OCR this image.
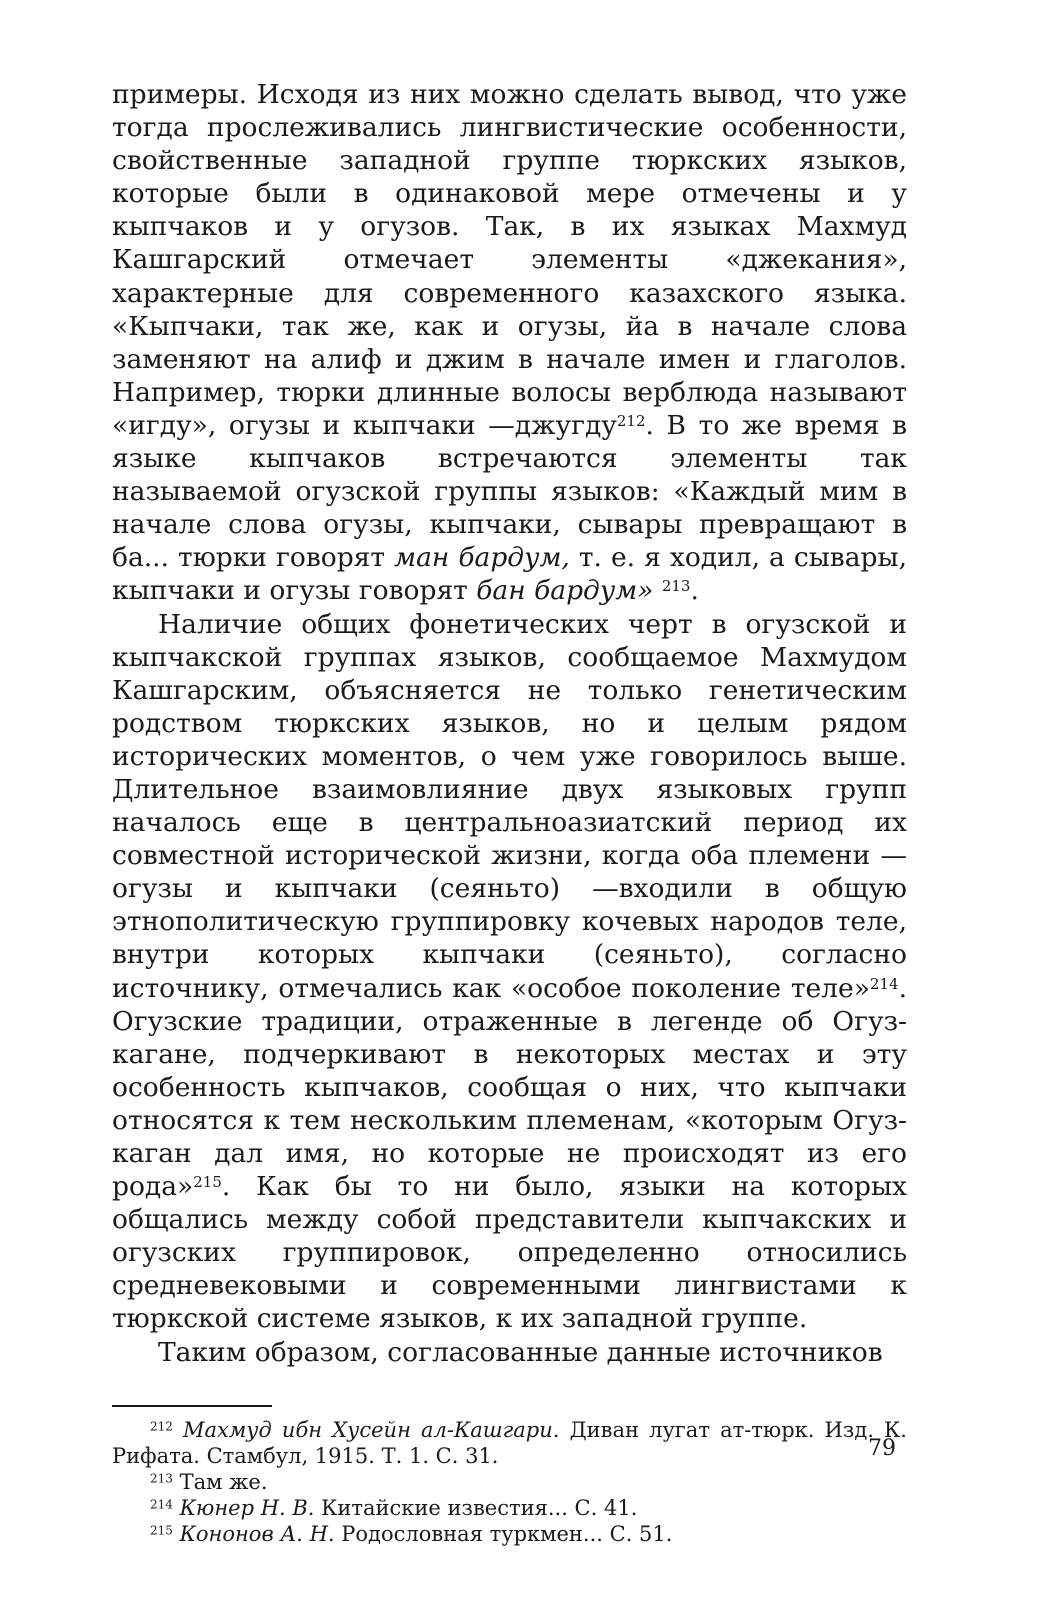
примеры. Исходя из них можно сделать вывод, что уже тогда прослеживались лингвистические особенности, свойственные западной группе тюркских языков, которые были в одинаковой мере отмечены и у кыпчаков и у огузов. Так, в их языках Махмуд Кашгарский отмечает элементы «джекания», характерные для современного казахского языка. «Кыпчаки, так же, как и огузы, йа в начале слова заменяют на алиф и джим в начале имен и глаголов. Например, тюрки длинные волосы верблюда называют «игду», огузы и кыпчаки —джугду$^{212}$. В то же время в языке кыпчаков встречаются элементы так называемой огузской группы языков: «Каждый мим в начале слова огузы, кыпчаки, сывары превращают в ба... тюрки говорят ман бардум, т. е. я ходил, а сывары, кыпчаки и огузы говорят бан бардум» $^{213}$.

Наличие общих фонетических черт в огузской и кыпчакской группах языков, сообщаемое Махмудом Кашгарским, объясняется не только генетическим родством тюркских языков, но и целым рядом исторических моментов, о чем уже говорилось выше. Длительное взаимовлияние двух языковых групп началось еще в центральноазиатский период их совместной исторической жизни, когда оба племени —огузы и кыпчаки (сеяньто) —входили в общую этнополитическую группировку кочевых народов теле, внутри которых кыпчаки (сеяньто), согласно источнику, отмечались как «особое поколение теле»$^{214}$. Огузские традиции, отраженные в легенде об Огуз-кагане, подчеркивают в некоторых местах и эту особенность кыпчаков, сообщая о них, что кыпчаки относятся к тем нескольким племенам, «которым Огуз-каган дал имя, но которые не происходят из его рода»$^{215}$. Как бы то ни было, языки на которых общались между собой представители кыпчакских и огузских группировок, определенно относились средневековыми и современными лингвистами к тюркской системе языков, к их западной группе.

Таким образом, согласованные данные источников

$^{212}$ Махмуд ибн Хусейн ал-Кашгари. Диван лугат ат-тюрк. Изд. К. Рифата. Стамбул, 1915. Т. 1. С. 31.

$^{213}$ Там же.

$^{214}$ Кюнер Н. В. Китайские известия... С. 41.

$^{215}$ Кононов А. Н. Родословная туркмен... С. 51.

79
